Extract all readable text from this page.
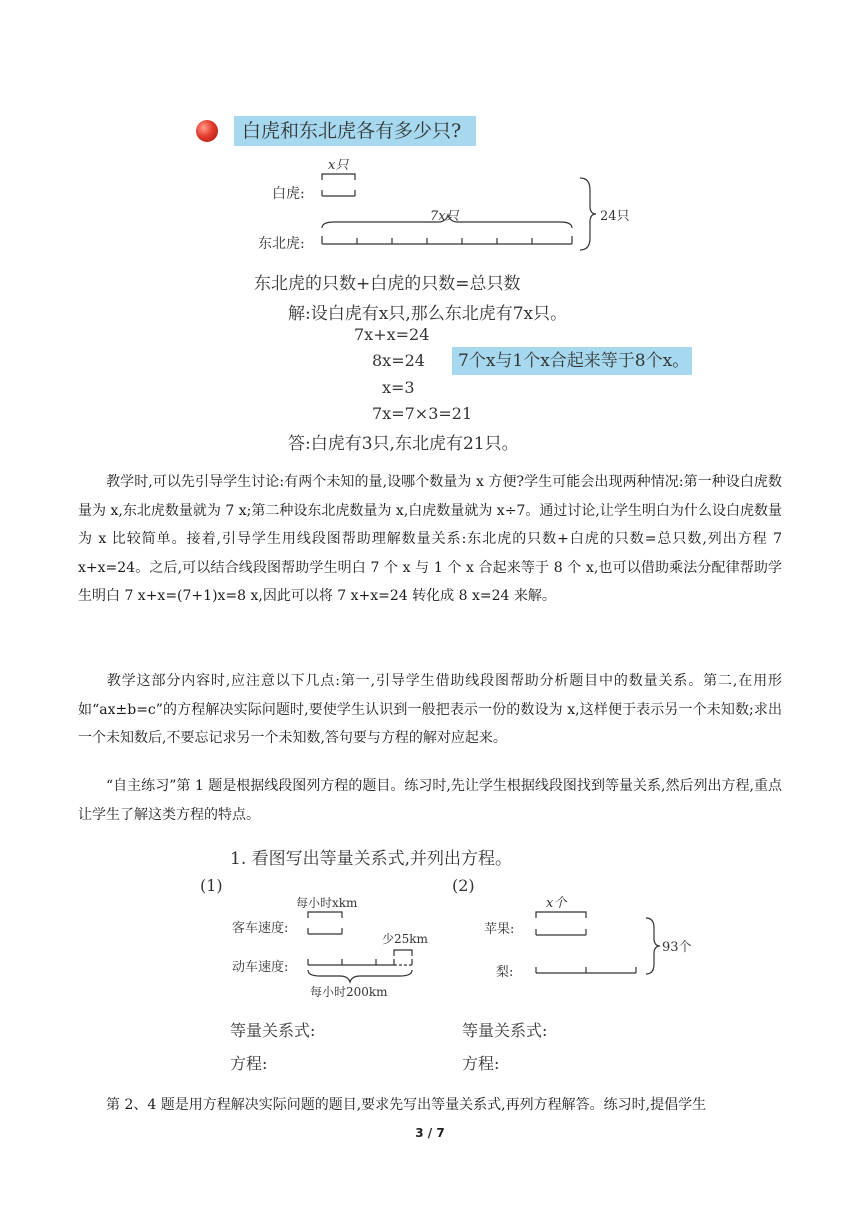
白虎和东北虎各有多少只?
x只
白虎:
7x只
东北虎:
24只
东北虎的只数+白虎的只数=总只数
解:设白虎有x只,那么东北虎有7x只。
7x+x=24
8x=24	7个x与1个x合起来等于8个x。
x=3
7x=7×3=21
答:白虎有3只,东北虎有21只。
教学时,可以先引导学生讨论:有两个未知的量,设哪个数量为 x 方便?学生可能会出现两种情况:第一种设白虎数量为 x,东北虎数量就为 7 x;第二种设东北虎数量为 x,白虎数量就为 x÷7。通过讨论,让学生明白为什么设白虎数量为 x 比较简单。接着,引导学生用线段图帮助理解数量关系:东北虎的只数+白虎的只数=总只数,列出方程 7 x+x=24。之后,可以结合线段图帮助学生明白 7 个 x 与 1 个 x 合起来等于 8 个 x,也可以借助乘法分配律帮助学生明白 7 x+x=(7+1)x=8 x,因此可以将 7 x+x=24 转化成 8 x=24 来解。
教学这部分内容时,应注意以下几点:第一,引导学生借助线段图帮助分析题目中的数量关系。第二,在用形如“ax±b=c”的方程解决实际问题时,要使学生认识到一般把表示一份的数设为 x,这样便于表示另一个未知数;求出一个未知数后,不要忘记求另一个未知数,答句要与方程的解对应起来。
“自主练习”第 1 题是根据线段图列方程的题目。练习时,先让学生根据线段图找到等量关系,然后列出方程,重点让学生了解这类方程的特点。
1. 看图写出等量关系式,并列出方程。
(1)	(2)
每小时xkm
客车速度:
少25km
动车速度:
每小时200km
x个
苹果:
梨:
93个
等量关系式:
方程:
等量关系式:
方程:
第 2、4 题是用方程解决实际问题的题目,要求先写出等量关系式,再列方程解答。练习时,提倡学生
3 / 7
